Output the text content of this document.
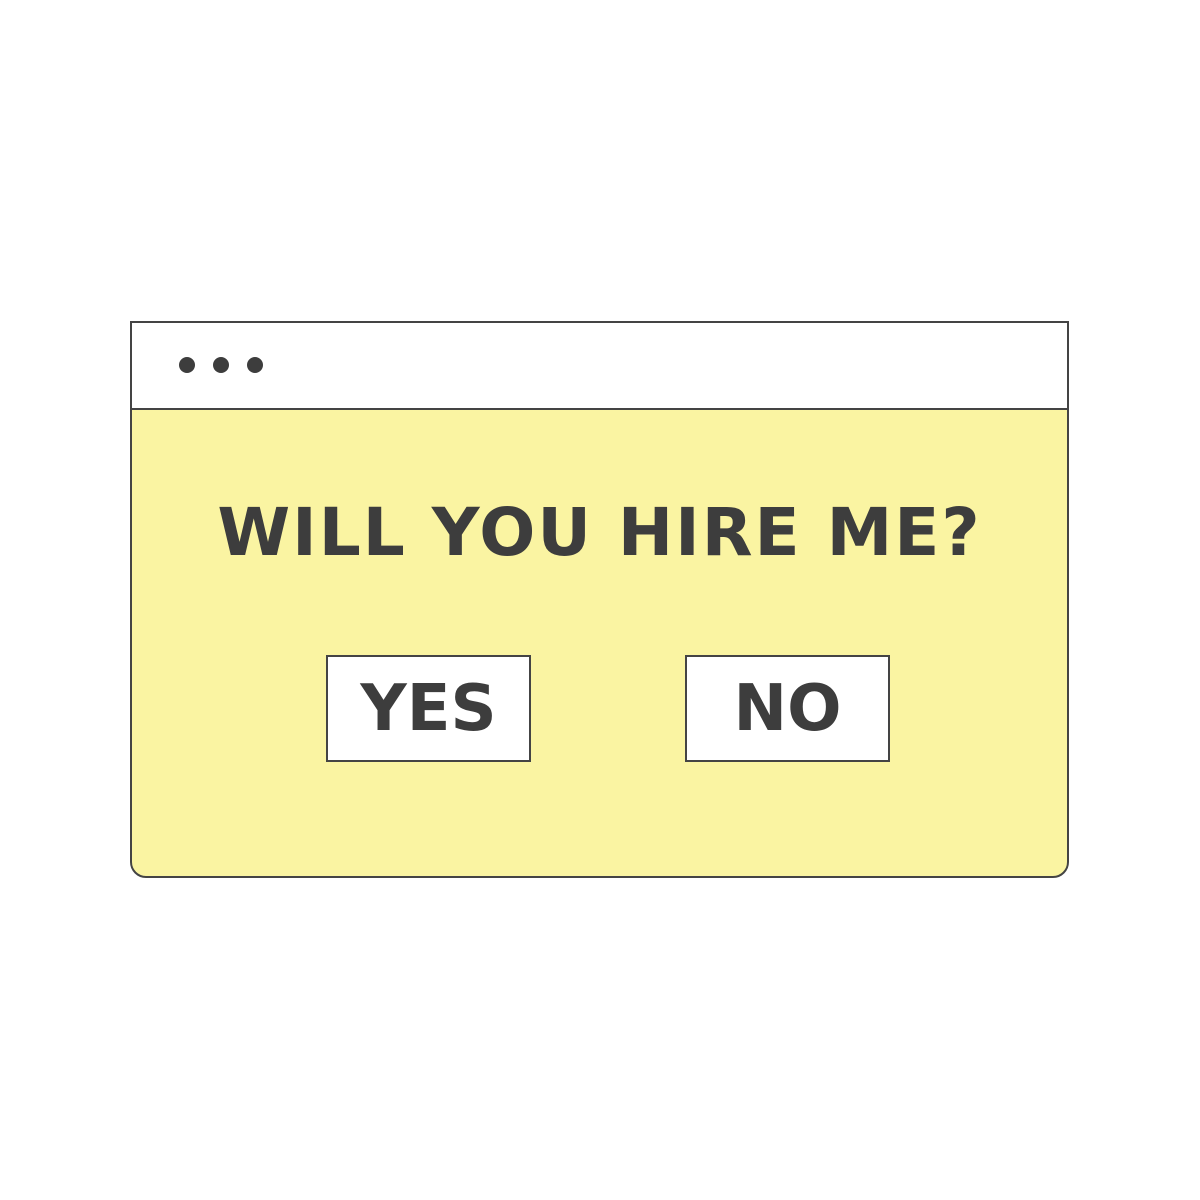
WILL YOU HIRE ME?
YES	NO
